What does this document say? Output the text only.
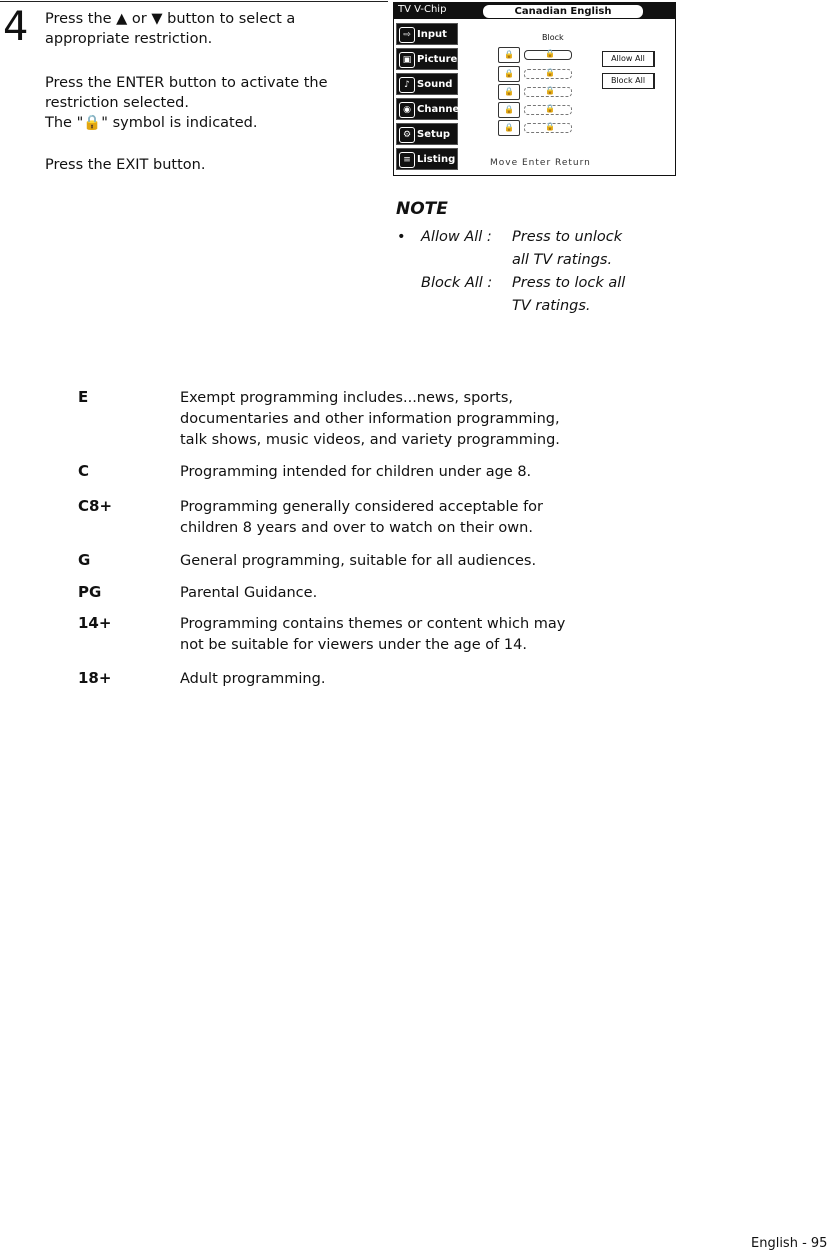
4 Press the ▲ or ▼ button to select a

appropriate restriction.

Press the ENTER button to activate the

restriction selected.

The "🔒" symbol is indicated.

Press the EXIT button.

TV V-Chip	Canadian English
⇨ Input
▣ Picture
♪ Sound
◉ Channel
⚙ Setup
≡ Listing
Block
🔒	🔒
🔒	🔒
🔒	🔒
🔒	🔒
🔒	🔒
Allow All
Block All
Move Enter Return
NOTE
• Allow All : Press to unlock
all TV ratings.
Block All : Press to lock all
TV ratings.
E	Exempt programming includes...news, sports,
documentaries and other information programming,
talk shows, music videos, and variety programming.
C	Programming intended for children under age 8.
C8+	Programming generally considered acceptable for
children 8 years and over to watch on their own.
G	General programming, suitable for all audiences.
PG	Parental Guidance.
14+	Programming contains themes or content which may
not be suitable for viewers under the age of 14.
18+	Adult programming.
English - 95
